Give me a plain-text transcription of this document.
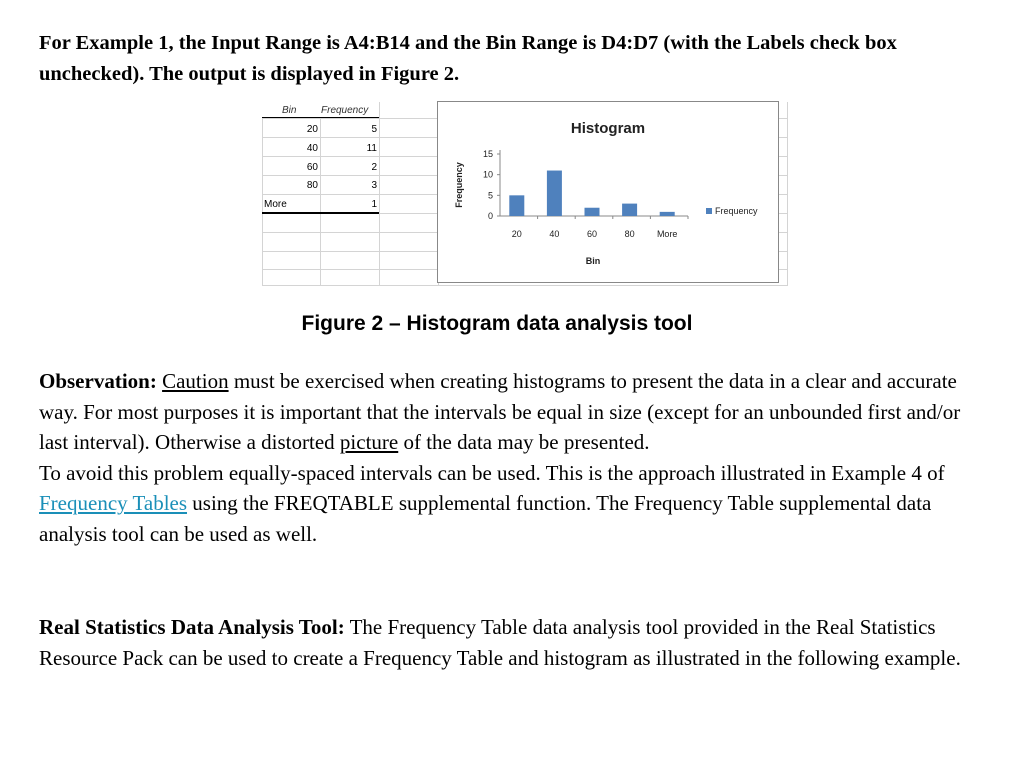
For Example 1, the Input Range is A4:B14 and the Bin Range is D4:D7 (with the Labels check box unchecked). The output is displayed in Figure 2.
Bin Frequency
20	5
40	11
60	2
80	3
More	1
Histogram
Frequency
Bin
0
5
10
15
20	40	60	80 More
Frequency
Figure 2 – Histogram data analysis tool
Observation: Caution must be exercised when creating histograms to present the data in a clear and accurate way. For most purposes it is important that the intervals be equal in size (except for an unbounded first and/or last interval). Otherwise a distorted picture of the data may be presented.
To avoid this problem equally-spaced intervals can be used. This is the approach illustrated in Example 4 of Frequency Tables using the FREQTABLE supplemental function. The Frequency Table supplemental data analysis tool can be used as well.
Real Statistics Data Analysis Tool: The Frequency Table data analysis tool provided in the Real Statistics Resource Pack can be used to create a Frequency Table and histogram as illustrated in the following example.
